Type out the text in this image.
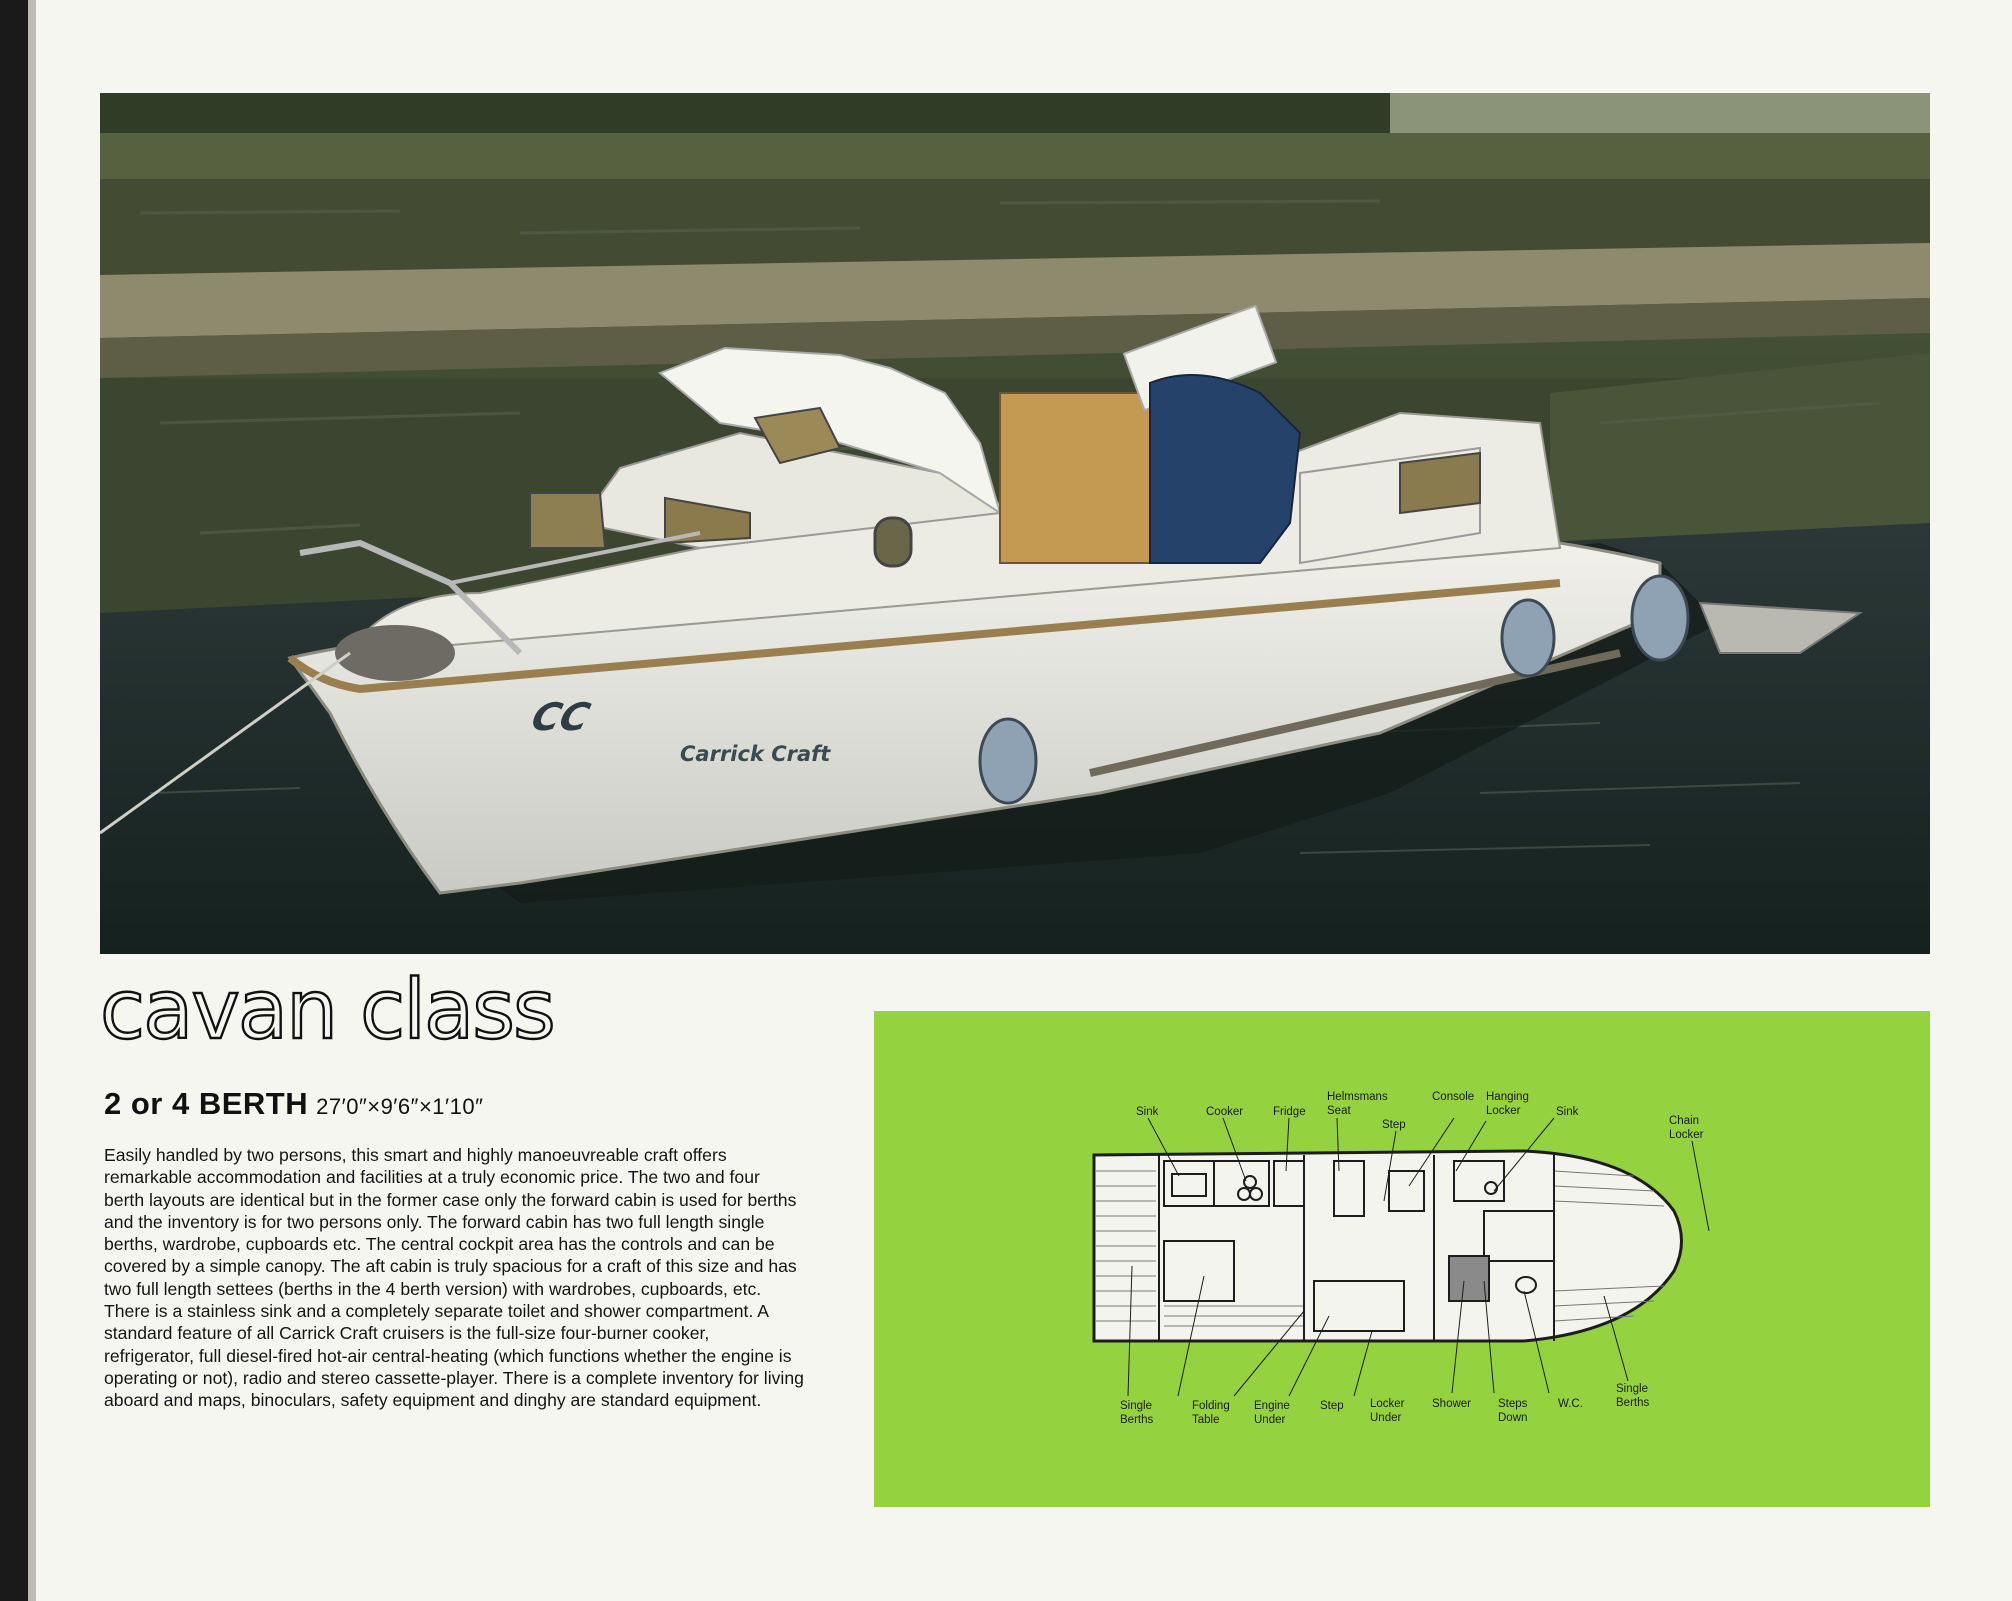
CC
Carrick Craft
cavan class
2 or 4 BERTH 27′0″×9′6″×1′10″

Easily handled by two persons, this smart and highly manoeuvreable craft offers remarkable accommodation and facilities at a truly economic price. The two and four berth layouts are identical but in the former case only the forward cabin is used for berths and the inventory is for two persons only. The forward cabin has two full length single berths, wardrobe, cupboards etc. The central cockpit area has the controls and can be covered by a simple canopy. The aft cabin is truly spacious for a craft of this size and has two full length settees (berths in the 4 berth version) with wardrobes, cupboards, etc. There is a stainless sink and a completely separate toilet and shower compartment. A standard feature of all Carrick Craft cruisers is the full-size four-burner cooker, refrigerator, full diesel-fired hot-air central-heating (which functions whether the engine is operating or not), radio and stereo cassette-player. There is a complete inventory for living aboard and maps, binoculars, safety equipment and dinghy are standard equipment.

Sink	Cooker	Fridge
Helmsmans
Seat
Step
Console Hanging
Locker	Sink
Chain
Locker
Single
Berths
Folding
Table
Engine
Under
Step Locker
Under
Shower Steps
Down
W.C.
Single
Berths
